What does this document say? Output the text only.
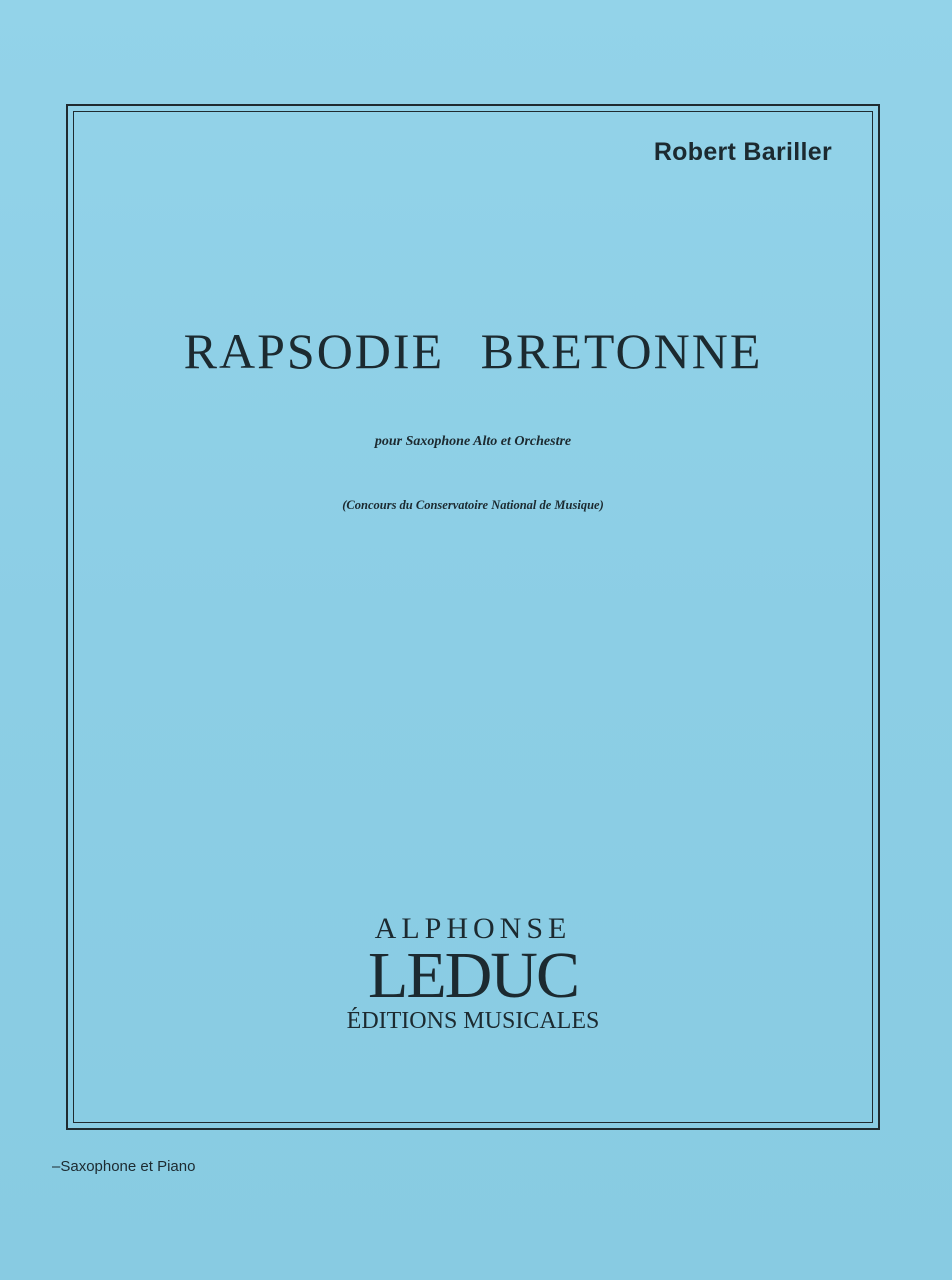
Robert Bariller
RAPSODIE BRETONNE
pour Saxophone Alto et Orchestre
(Concours du Conservatoire National de Musique)
ALPHONSE
LEDUC
ÉDITIONS MUSICALES
–Saxophone et Piano
